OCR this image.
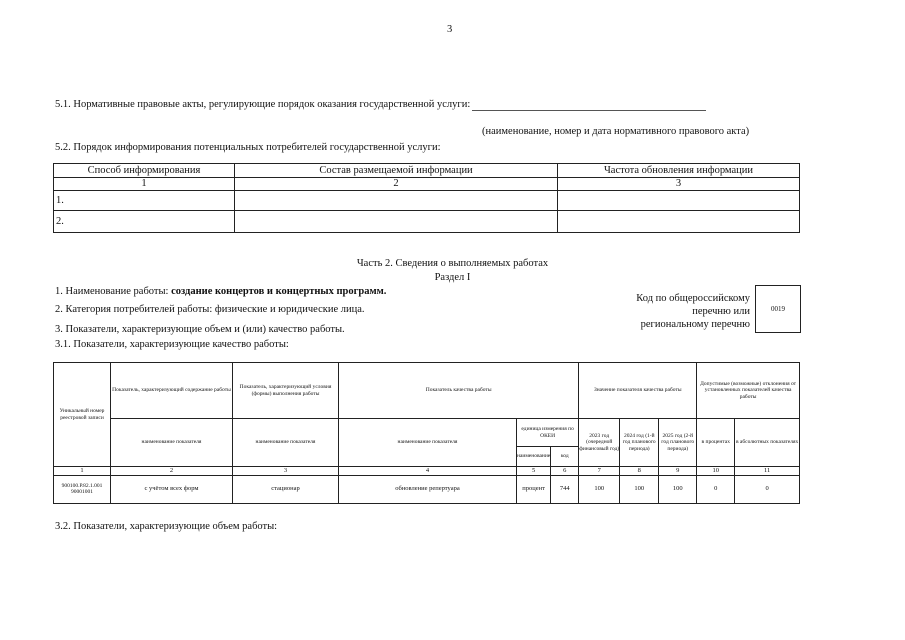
3
5.1. Нормативные правовые акты, регулирующие порядок оказания государственной услуги:
(наименование, номер и дата нормативного правового акта)
5.2. Порядок информирования потенциальных потребителей государственной услуги:
Способ информирования	Состав размещаемой информации	Частота обновления информации
1	2	3
1.		
2.		
Часть 2. Сведения о выполняемых работах
Раздел I
1. Наименование работы: создание концертов и концертных программ.
2. Категория потребителей работы: физические и юридические лица.
3. Показатели, характеризующие объем и (или) качество работы.
3.1. Показатели, характеризующие качество работы:
Код по общероссийскому
перечню или
региональному перечню
0019
Уникальный номер реестровой записи	Показатель, характеризующий содержание работы	Показатель, характеризующий условия (формы) выполнения работы	Показатель качества работы			Значение показателя качества работы			Допустимые (возможные) отклонения от установленных показателей качества работы	
	наименование показателя	наименование показателя	наименование показателя	единица измерения по ОКЕИ		2023 год (очередной финансовый год)	2024 год (1-й год планового периода)	2025 год (2-й год планового периода)	в процентах	в абсолютных показателях
				наименование	код					
1	2	3	4	5	6	7	8	9	10	11
900100.Р.82.1.001 90001001	с учётом всех форм	стационар	обновление репертуара	процент	744	100	100	100	0	0
3.2. Показатели, характеризующие объем работы:
